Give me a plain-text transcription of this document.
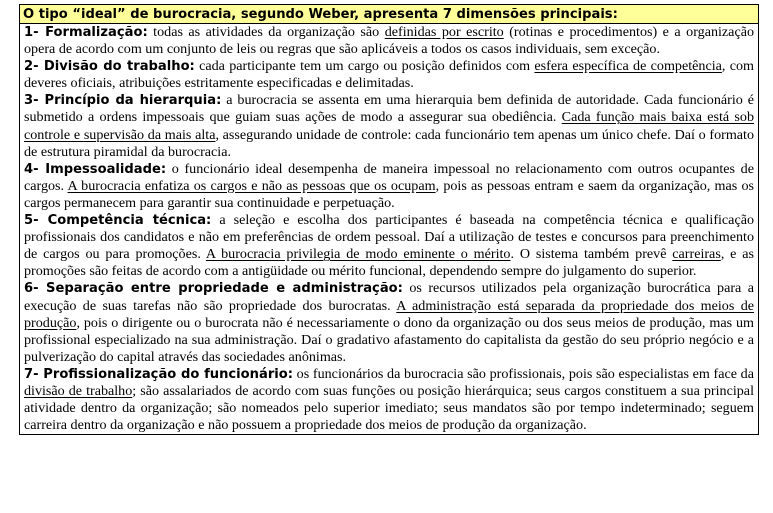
O tipo “ideal” de burocracia, segundo Weber, apresenta 7 dimensões principais:

1- Formalização: todas as atividades da organização são definidas por escrito (rotinas e procedimentos) e a organização opera de acordo com um conjunto de leis ou regras que são aplicáveis a todos os casos individuais, sem exceção.

2- Divisão do trabalho: cada participante tem um cargo ou posição definidos com esfera específica de competência, com deveres oficiais, atribuições estritamente especificadas e delimitadas.

3- Princípio da hierarquia: a burocracia se assenta em uma hierarquia bem definida de autoridade. Cada funcionário é submetido a ordens impessoais que guiam suas ações de modo a assegurar sua obediência. Cada função mais baixa está sob controle e supervisão da mais alta, assegurando unidade de controle: cada funcionário tem apenas um único chefe. Daí o formato de estrutura piramidal da burocracia.

4- Impessoalidade: o funcionário ideal desempenha de maneira impessoal no relacionamento com outros ocupantes de cargos. A burocracia enfatiza os cargos e não as pessoas que os ocupam, pois as pessoas entram e saem da organização, mas os cargos permanecem para garantir sua continuidade e perpetuação.

5- Competência técnica: a seleção e escolha dos participantes é baseada na competência técnica e qualificação profissionais dos candidatos e não em preferências de ordem pessoal. Daí a utilização de testes e concursos para preenchimento de cargos ou para promoções. A burocracia privilegia de modo eminente o mérito. O sistema também prevê carreiras, e as promoções são feitas de acordo com a antigüidade ou mérito funcional, dependendo sempre do julgamento do superior.

6- Separação entre propriedade e administração: os recursos utilizados pela organização burocrática para a execução de suas tarefas não são propriedade dos burocratas. A administração está separada da propriedade dos meios de produção, pois o dirigente ou o burocrata não é necessariamente o dono da organização ou dos seus meios de produção, mas um profissional especializado na sua administração. Daí o gradativo afastamento do capitalista da gestão do seu próprio negócio e a pulverização do capital através das sociedades anônimas.

7- Profissionalização do funcionário: os funcionários da burocracia são profissionais, pois são especialistas em face da divisão de trabalho; são assalariados de acordo com suas funções ou posição hierárquica; seus cargos constituem a sua principal atividade dentro da organização; são nomeados pelo superior imediato; seus mandatos são por tempo indeterminado; seguem carreira dentro da organização e não possuem a propriedade dos meios de produção da organização.
